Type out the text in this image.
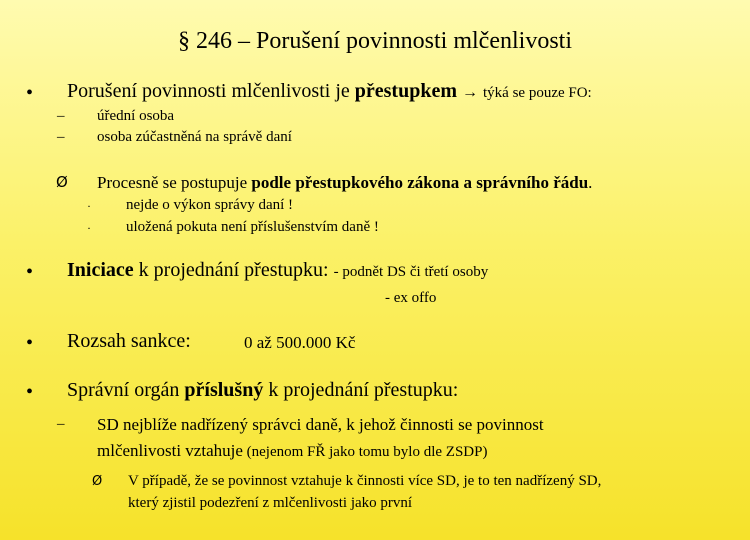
§ 246 – Porušení povinnosti mlčenlivosti
• Porušení povinnosti mlčenlivosti je přestupkem → týká se pouze FO:
– úřední osoba
– osoba zúčastněná na správě daní
Ø Procesně se postupuje podle přestupkového zákona a správního řádu.
· nejde o výkon správy daní !
· uložená pokuta není příslušenstvím daně !
• Iniciace k projednání přestupku: - podnět DS či třetí osoby
- ex offo
• Rozsah sankce:	0 až 500.000 Kč
• Správní orgán příslušný k projednání přestupku:
– SD nejblíže nadřízený správci daně, k jehož činnosti se povinnost
mlčenlivosti vztahuje (nejenom FŘ jako tomu bylo dle ZSDP)
Ø V případě, že se povinnost vztahuje k činnosti více SD, je to ten nadřízený SD,
který zjistil podezření z mlčenlivosti jako první
